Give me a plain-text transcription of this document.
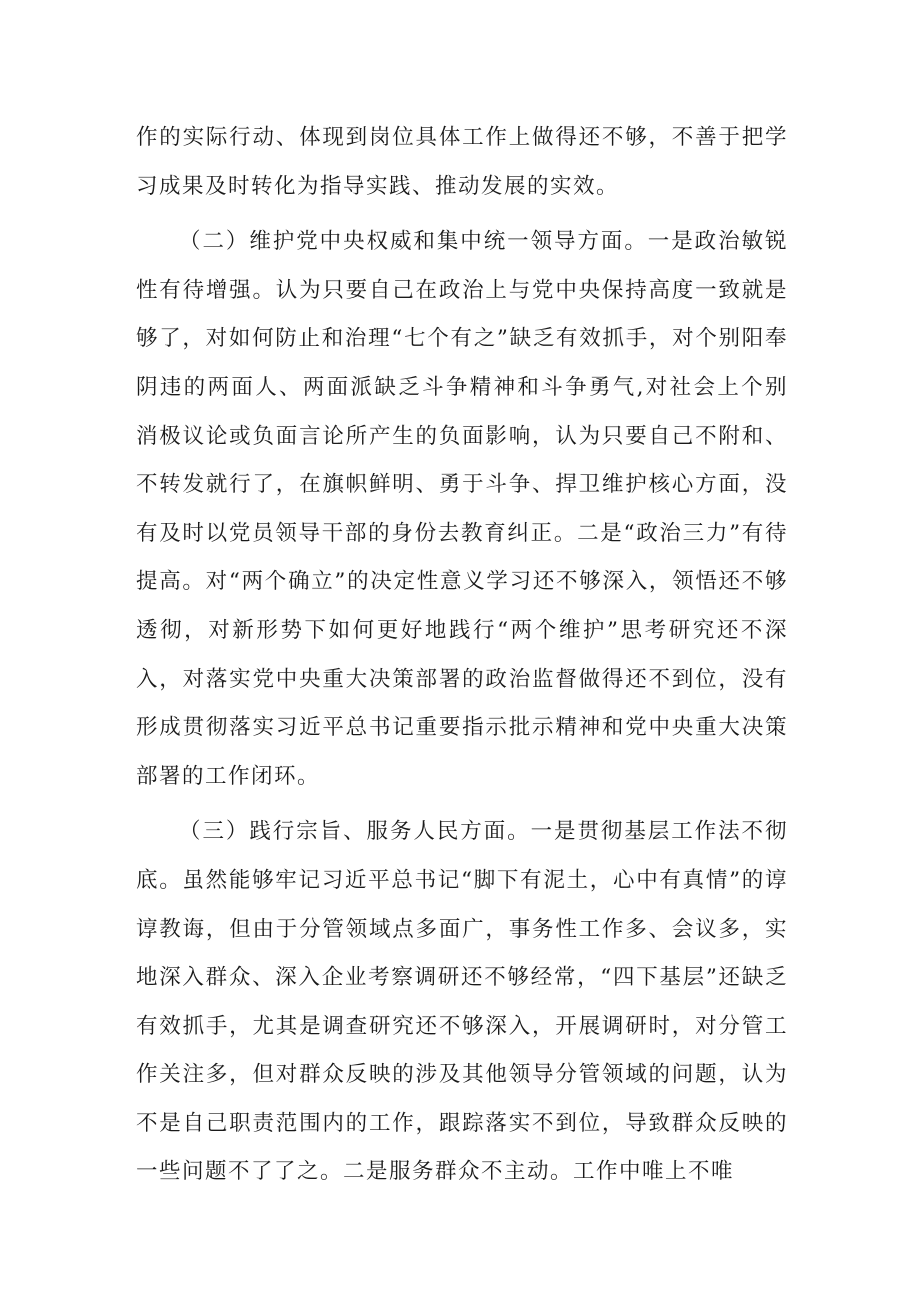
作的实际行动、体现到岗位具体工作上做得还不够，不善于把学习成果及时转化为指导实践、推动发展的实效。

（二）维护党中央权威和集中统一领导方面。一是政治敏锐性有待增强。认为只要自己在政治上与党中央保持高度一致就是够了，对如何防止和治理“七个有之”缺乏有效抓手，对个别阳奉阴违的两面人、两面派缺乏斗争精神和斗争勇气,对社会上个别消极议论或负面言论所产生的负面影响，认为只要自己不附和、不转发就行了，在旗帜鲜明、勇于斗争、捍卫维护核心方面，没有及时以党员领导干部的身份去教育纠正。二是“政治三力”有待提高。对“两个确立”的决定性意义学习还不够深入，领悟还不够透彻，对新形势下如何更好地践行“两个维护”思考研究还不深入，对落实党中央重大决策部署的政治监督做得还不到位，没有形成贯彻落实习近平总书记重要指示批示精神和党中央重大决策部署的工作闭环。

（三）践行宗旨、服务人民方面。一是贯彻基层工作法不彻底。虽然能够牢记习近平总书记“脚下有泥土，心中有真情”的谆谆教诲，但由于分管领域点多面广，事务性工作多、会议多，实地深入群众、深入企业考察调研还不够经常，“四下基层”还缺乏有效抓手，尤其是调查研究还不够深入，开展调研时，对分管工作关注多，但对群众反映的涉及其他领导分管领域的问题，认为不是自己职责范围内的工作，跟踪落实不到位，导致群众反映的一些问题不了了之。二是服务群众不主动。工作中唯上不唯
